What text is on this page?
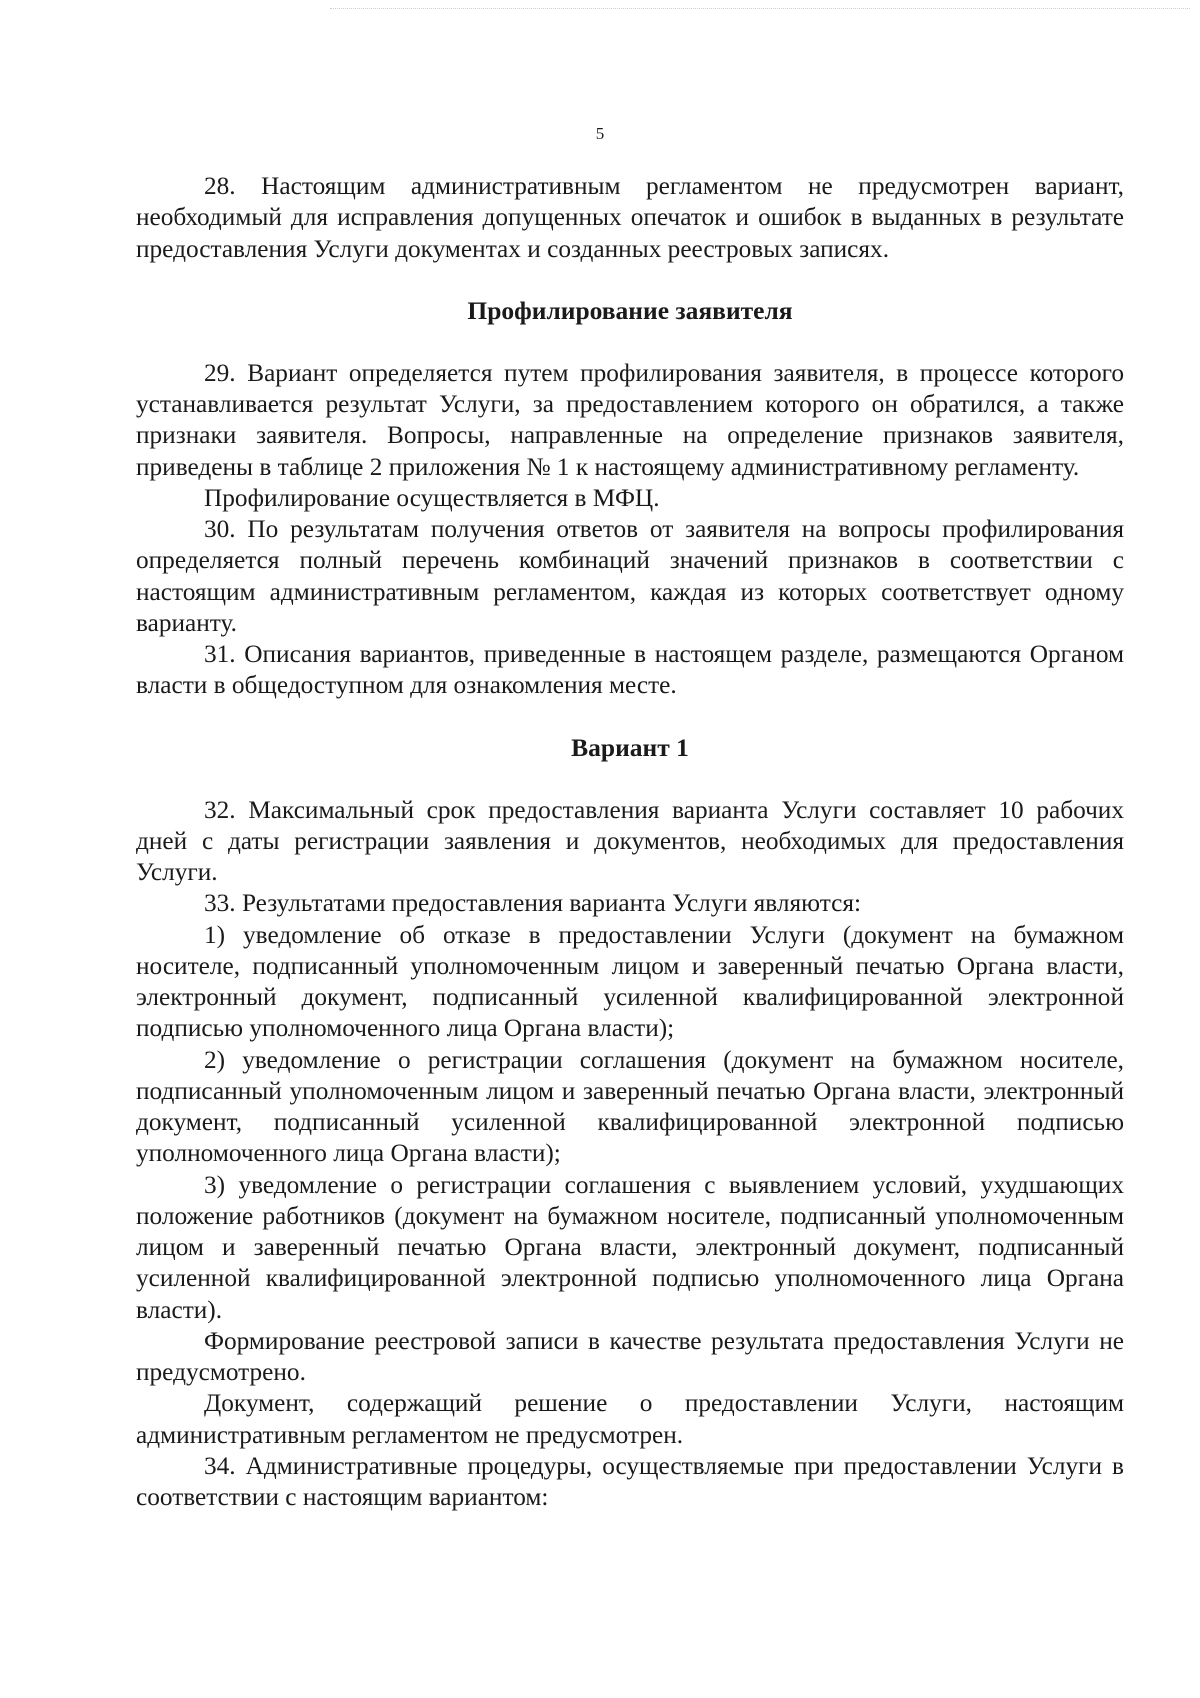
5

28. Настоящим административным регламентом не предусмотрен вариант, необходимый для исправления допущенных опечаток и ошибок в выданных в результате предоставления Услуги документах и созданных реестровых записях.

Профилирование заявителя

29. Вариант определяется путем профилирования заявителя, в процессе которого устанавливается результат Услуги, за предоставлением которого он обратился, а также признаки заявителя. Вопросы, направленные на определение признаков заявителя, приведены в таблице 2 приложения № 1 к настоящему административному регламенту.

Профилирование осуществляется в МФЦ.

30. По результатам получения ответов от заявителя на вопросы профилирования определяется полный перечень комбинаций значений признаков в соответствии с настоящим административным регламентом, каждая из которых соответствует одному варианту.

31. Описания вариантов, приведенные в настоящем разделе, размещаются Органом власти в общедоступном для ознакомления месте.

Вариант 1

32. Максимальный срок предоставления варианта Услуги составляет 10 рабочих дней с даты регистрации заявления и документов, необходимых для предоставления Услуги.

33. Результатами предоставления варианта Услуги являются:

1) уведомление об отказе в предоставлении Услуги (документ на бумажном носителе, подписанный уполномоченным лицом и заверенный печатью Органа власти, электронный документ, подписанный усиленной квалифицированной электронной подписью уполномоченного лица Органа власти);

2) уведомление о регистрации соглашения (документ на бумажном носителе, подписанный уполномоченным лицом и заверенный печатью Органа власти, электронный документ, подписанный усиленной квалифицированной электронной подписью уполномоченного лица Органа власти);

3) уведомление о регистрации соглашения с выявлением условий, ухудшающих положение работников (документ на бумажном носителе, подписанный уполномоченным лицом и заверенный печатью Органа власти, электронный документ, подписанный усиленной квалифицированной электронной подписью уполномоченного лица Органа власти).

Формирование реестровой записи в качестве результата предоставления Услуги не предусмотрено.

Документ, содержащий решение о предоставлении Услуги, настоящим административным регламентом не предусмотрен.

34. Административные процедуры, осуществляемые при предоставлении Услуги в соответствии с настоящим вариантом:
